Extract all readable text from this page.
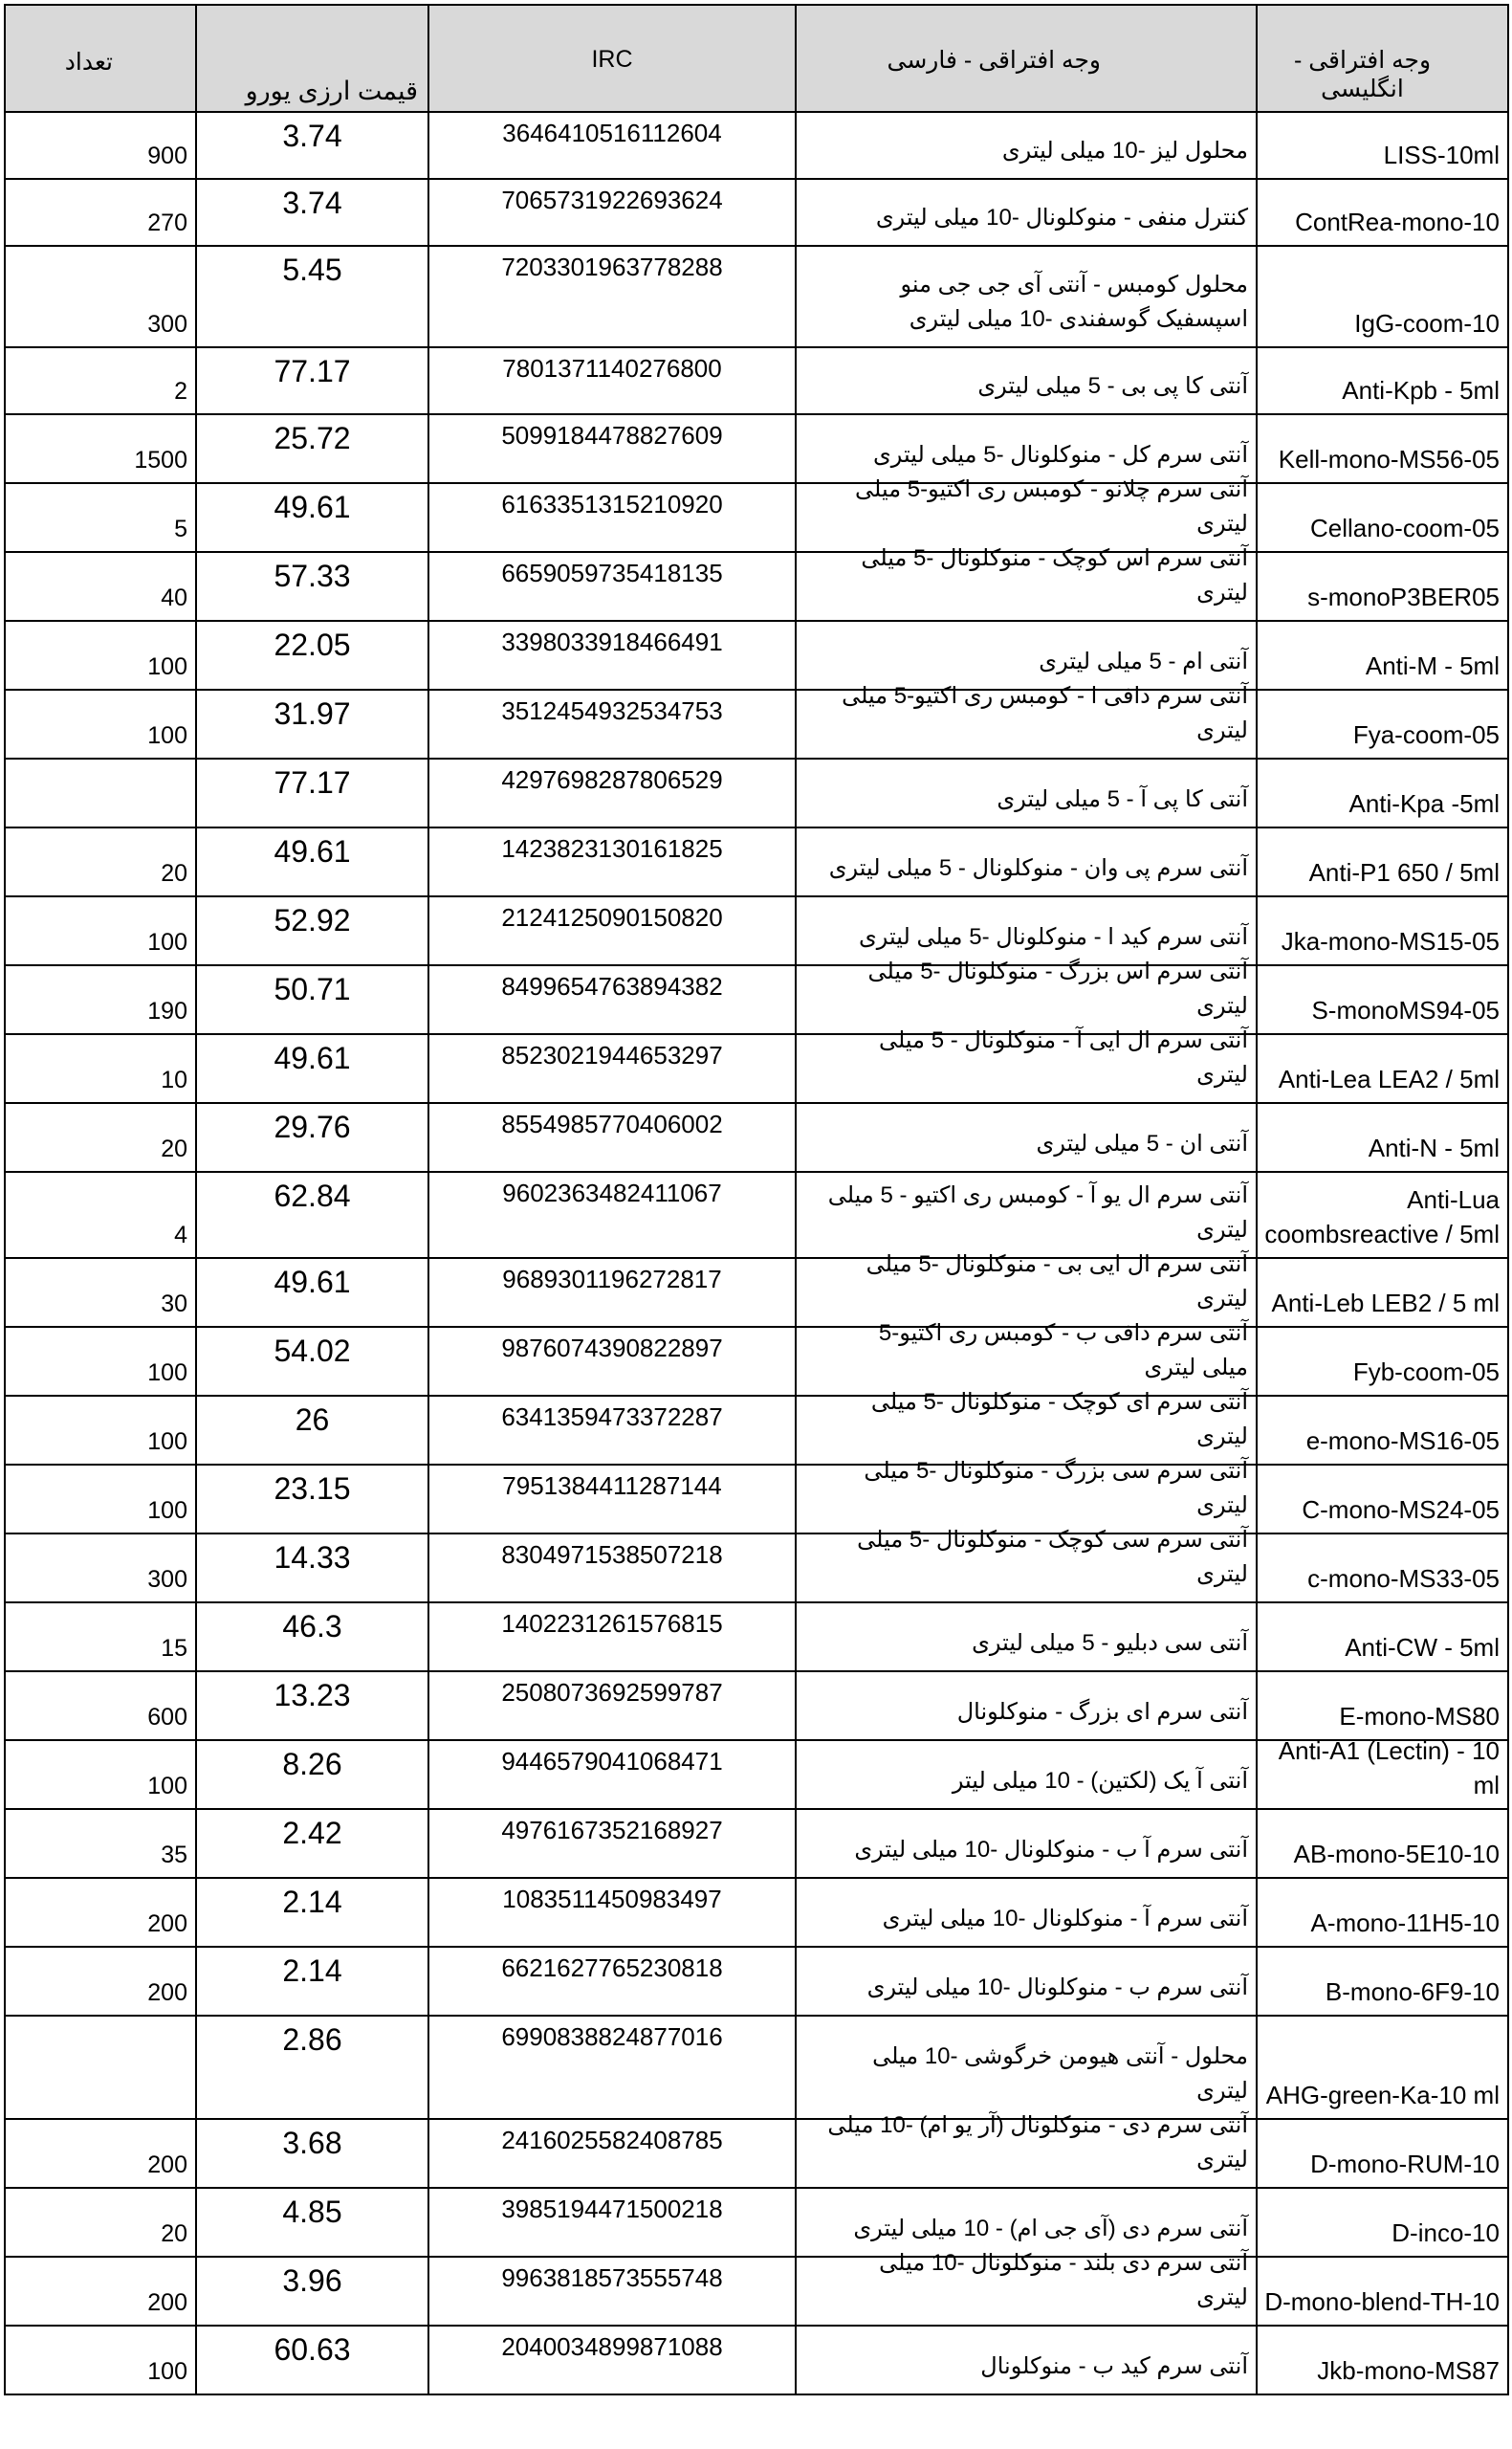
تعداد	قیمت ارزی یورو	IRC	وجه افتراقی - فارسی	وجه افتراقی - انگلیسی

900	3.74	3646410516112604	محلول لیز -10 میلی لیتری	LISS-10ml

270	3.74	7065731922693624	کنترل منفی - منوکلونال -10 میلی لیتری	ContRea-mono-10

300	5.45	7203301963778288	محلول کومبس - آنتی آی جی جی منو اسپسفیک گوسفندی -10 میلی لیتری	IgG-coom-10

2	77.17	7801371140276800	آنتی کا پی بی - 5 میلی لیتری	Anti-Kpb - 5ml

1500	25.72	5099184478827609	آنتی سرم کل - منوکلونال -5 میلی لیتری	Kell-mono-MS56-05

5	49.61	6163351315210920	آنتی سرم چلانو - کومبس ری اکتیو-5 میلی لیتری	Cellano-coom-05

40	57.33	6659059735418135	آنتی سرم اس کوچک - منوکلونال -5 میلی لیتری	s-monoP3BER05

100	22.05	3398033918466491	آنتی ام - 5 میلی لیتری	Anti-M - 5ml

100	31.97	3512454932534753	آنتی سرم دافی ا - کومبس ری اکتیو-5 میلی لیتری	Fya-coom-05

	77.17	4297698287806529	آنتی کا پی آ - 5 میلی لیتری	Anti-Kpa -5ml

20	49.61	1423823130161825	آنتی سرم پی وان - منوکلونال - 5 میلی لیتری	Anti-P1 650 / 5ml

100	52.92	2124125090150820	آنتی سرم کید ا - منوکلونال -5 میلی لیتری	Jka-mono-MS15-05

190	50.71	8499654763894382	آنتی سرم اس بزرگ - منوکلونال -5 میلی لیتری	S-monoMS94-05

10	49.61	8523021944653297	آنتی سرم ال ایی آ - منوکلونال - 5 میلی لیتری	Anti-Lea LEA2 / 5ml

20	29.76	8554985770406002	آنتی ان - 5 میلی لیتری	Anti-N - 5ml

4	62.84	9602363482411067	آنتی سرم ال یو آ - کومبس ری اکتیو - 5 میلی لیتری	Anti-Lua coombsreactive / 5ml

30	49.61	9689301196272817	آنتی سرم ال ایی بی - منوکلونال -5 میلی لیتری	Anti-Leb LEB2 / 5 ml

100	54.02	9876074390822897	آنتی سرم دافی ب - کومبس ری اکتیو-5 میلی لیتری	Fyb-coom-05

100	26	6341359473372287	آنتی سرم ای کوچک - منوکلونال -5 میلی لیتری	e-mono-MS16-05

100	23.15	7951384411287144	آنتی سرم سی بزرگ - منوکلونال -5 میلی لیتری	C-mono-MS24-05

300	14.33	8304971538507218	آنتی سرم سی کوچک - منوکلونال -5 میلی لیتری	c-mono-MS33-05

15	46.3	1402231261576815	آنتی سی دبلیو - 5 میلی لیتری	Anti-CW - 5ml

600	13.23	2508073692599787	آنتی سرم ای بزرگ - منوکلونال	E-mono-MS80

100	8.26	9446579041068471	آنتی آ یک (لکتین) - 10 میلی لیتر	Anti-A1 (Lectin) - 10 ml

35	2.42	4976167352168927	آنتی سرم آ ب - منوکلونال -10 میلی لیتری	AB-mono-5E10-10

200	2.14	1083511450983497	آنتی سرم آ - منوکلونال -10 میلی لیتری	A-mono-11H5-10

200	2.14	6621627765230818	آنتی سرم ب - منوکلونال -10 میلی لیتری	B-mono-6F9-10

	2.86	6990838824877016	محلول - آنتی هیومن خرگوشی -10 میلی لیتری	AHG-green-Ka-10 ml

200	3.68	2416025582408785	آنتی سرم دی - منوکلونال (آر یو ام) -10 میلی لیتری	D-mono-RUM-10

20	4.85	3985194471500218	آنتی سرم دی (آی جی ام) - 10 میلی لیتری	D-inco-10

200	3.96	9963818573555748	آنتی سرم دی بلند - منوکلونال -10 میلی لیتری	D-mono-blend-TH-10

100	60.63	2040034899871088	آنتی سرم کید ب - منوکلونال	Jkb-mono-MS87
